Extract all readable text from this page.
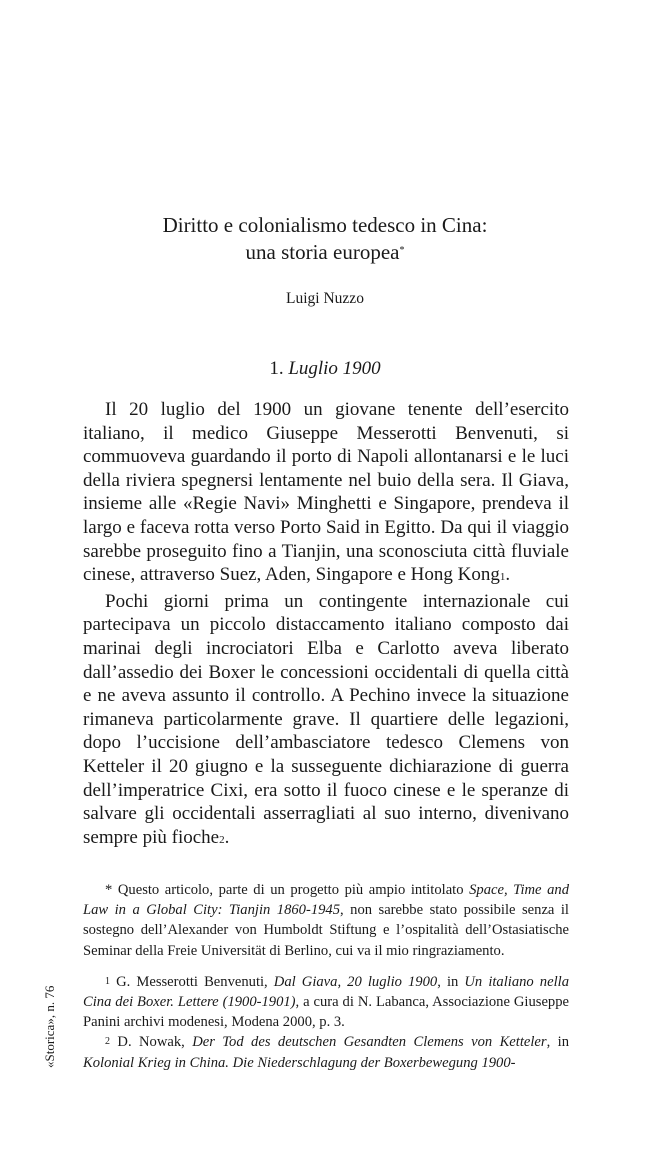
Diritto e colonialismo tedesco in Cina:
una storia europea*

Luigi Nuzzo

1. Luglio 1900

Il 20 luglio del 1900 un giovane tenente dell’esercito italiano, il medico Giuseppe Messerotti Benvenuti, si commuoveva guardando il porto di Napoli allontanarsi e le luci della riviera spegnersi lentamente nel buio della sera. Il Giava, insieme alle «Regie Navi» Minghetti e Singapore, prendeva il largo e faceva rotta verso Porto Said in Egitto. Da qui il viaggio sarebbe proseguito fino a Tianjin, una sconosciuta città fluviale cinese, attraverso Suez, Aden, Singapore e Hong Kong1.

Pochi giorni prima un contingente internazionale cui partecipava un piccolo distaccamento italiano composto dai marinai degli incrociatori Elba e Carlotto aveva liberato dall’assedio dei Boxer le concessioni occidentali di quella città e ne aveva assunto il controllo. A Pechino invece la situazione rimaneva particolarmente grave. Il quartiere delle legazioni, dopo l’uccisione dell’ambasciatore tedesco Clemens von Ketteler il 20 giugno e la susseguente dichiarazione di guerra dell’imperatrice Cixi, era sotto il fuoco cinese e le speranze di salvare gli occidentali asserragliati al suo interno, divenivano sempre più fioche2.

* Questo articolo, parte di un progetto più ampio intitolato Space, Time and Law in a Global City: Tianjin 1860-1945, non sarebbe stato possibile senza il sostegno dell’Alexander von Humboldt Stiftung e l’ospitalità dell’Ostasiatische Seminar della Freie Universität di Berlino, cui va il mio ringraziamento.

$^1$ G. Messerotti Benvenuti, Dal Giava, 20 luglio 1900, in Un italiano nella Cina dei Boxer. Lettere (1900-1901), a cura di N. Labanca, Associazione Giuseppe Panini archivi modenesi, Modena 2000, p. 3.

$^2$ D. Nowak, Der Tod des deutschen Gesandten Clemens von Ketteler, in Kolonial Krieg in China. Die Niederschlagung der Boxerbewegung 1900-

«Storica», n. 76
